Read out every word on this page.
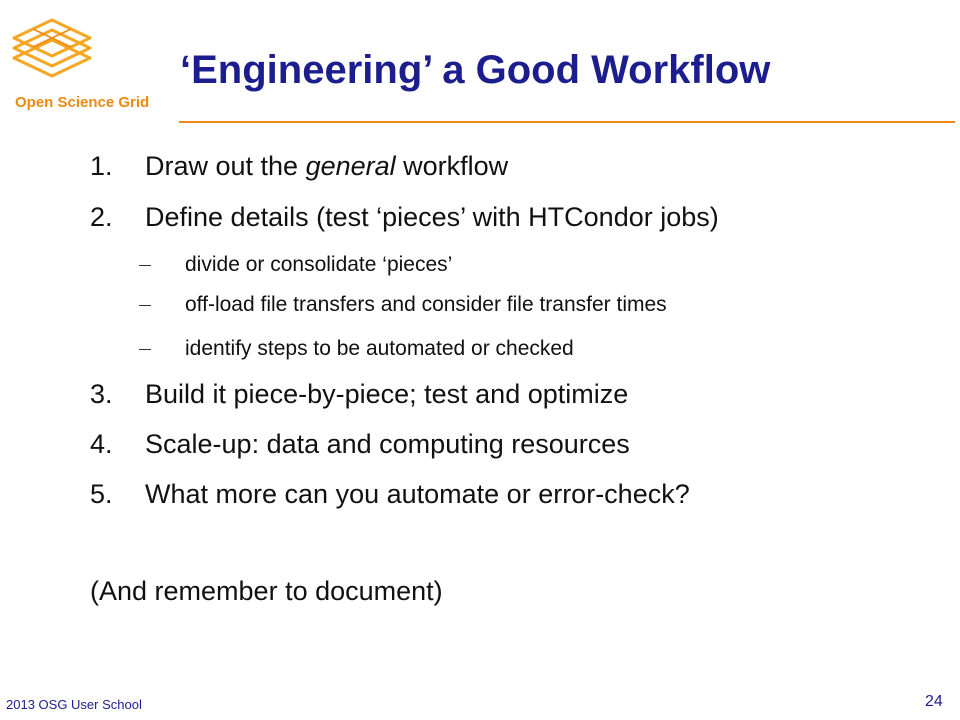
Open Science Grid
‘Engineering’ a Good Workflow
1. Draw out the general workflow
2. Define details (test ‘pieces’ with HTCondor jobs)
divide or consolidate ‘pieces’
off-load file transfers and consider file transfer times
identify steps to be automated or checked
3. Build it piece-by-piece; test and optimize
4. Scale-up: data and computing resources
5. What more can you automate or error-check?
(And remember to document)
2013 OSG User School	24
